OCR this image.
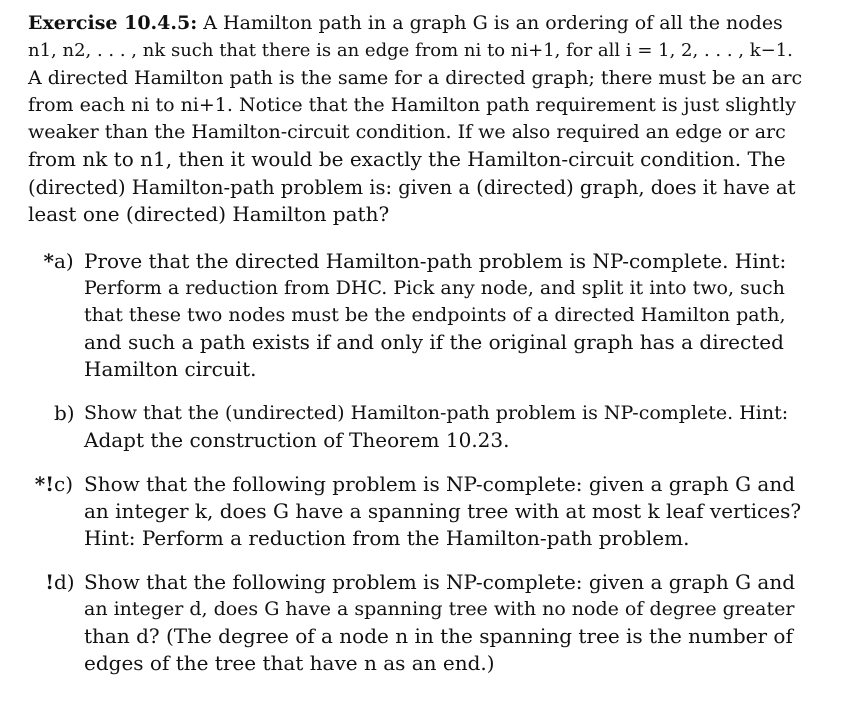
Exercise 10.4.5: A Hamilton path in a graph G is an ordering of all the nodes
n1, n2, . . . , nk such that there is an edge from ni to ni+1, for all i = 1, 2, . . . , k−1.
A directed Hamilton path is the same for a directed graph; there must be an arc
from each ni to ni+1. Notice that the Hamilton path requirement is just slightly
weaker than the Hamilton-circuit condition. If we also required an edge or arc
from nk to n1, then it would be exactly the Hamilton-circuit condition. The
(directed) Hamilton-path problem is: given a (directed) graph, does it have at
least one (directed) Hamilton path?

* a) Prove that the directed Hamilton-path problem is NP-complete. Hint:
Perform a reduction from DHC. Pick any node, and split it into two, such
that these two nodes must be the endpoints of a directed Hamilton path,
and such a path exists if and only if the original graph has a directed
Hamilton circuit.
b) Show that the (undirected) Hamilton-path problem is NP-complete. Hint:
Adapt the construction of Theorem 10.23.
*! c) Show that the following problem is NP-complete: given a graph G and
an integer k, does G have a spanning tree with at most k leaf vertices?
Hint: Perform a reduction from the Hamilton-path problem.
! d) Show that the following problem is NP-complete: given a graph G and
an integer d, does G have a spanning tree with no node of degree greater
than d? (The degree of a node n in the spanning tree is the number of
edges of the tree that have n as an end.)
